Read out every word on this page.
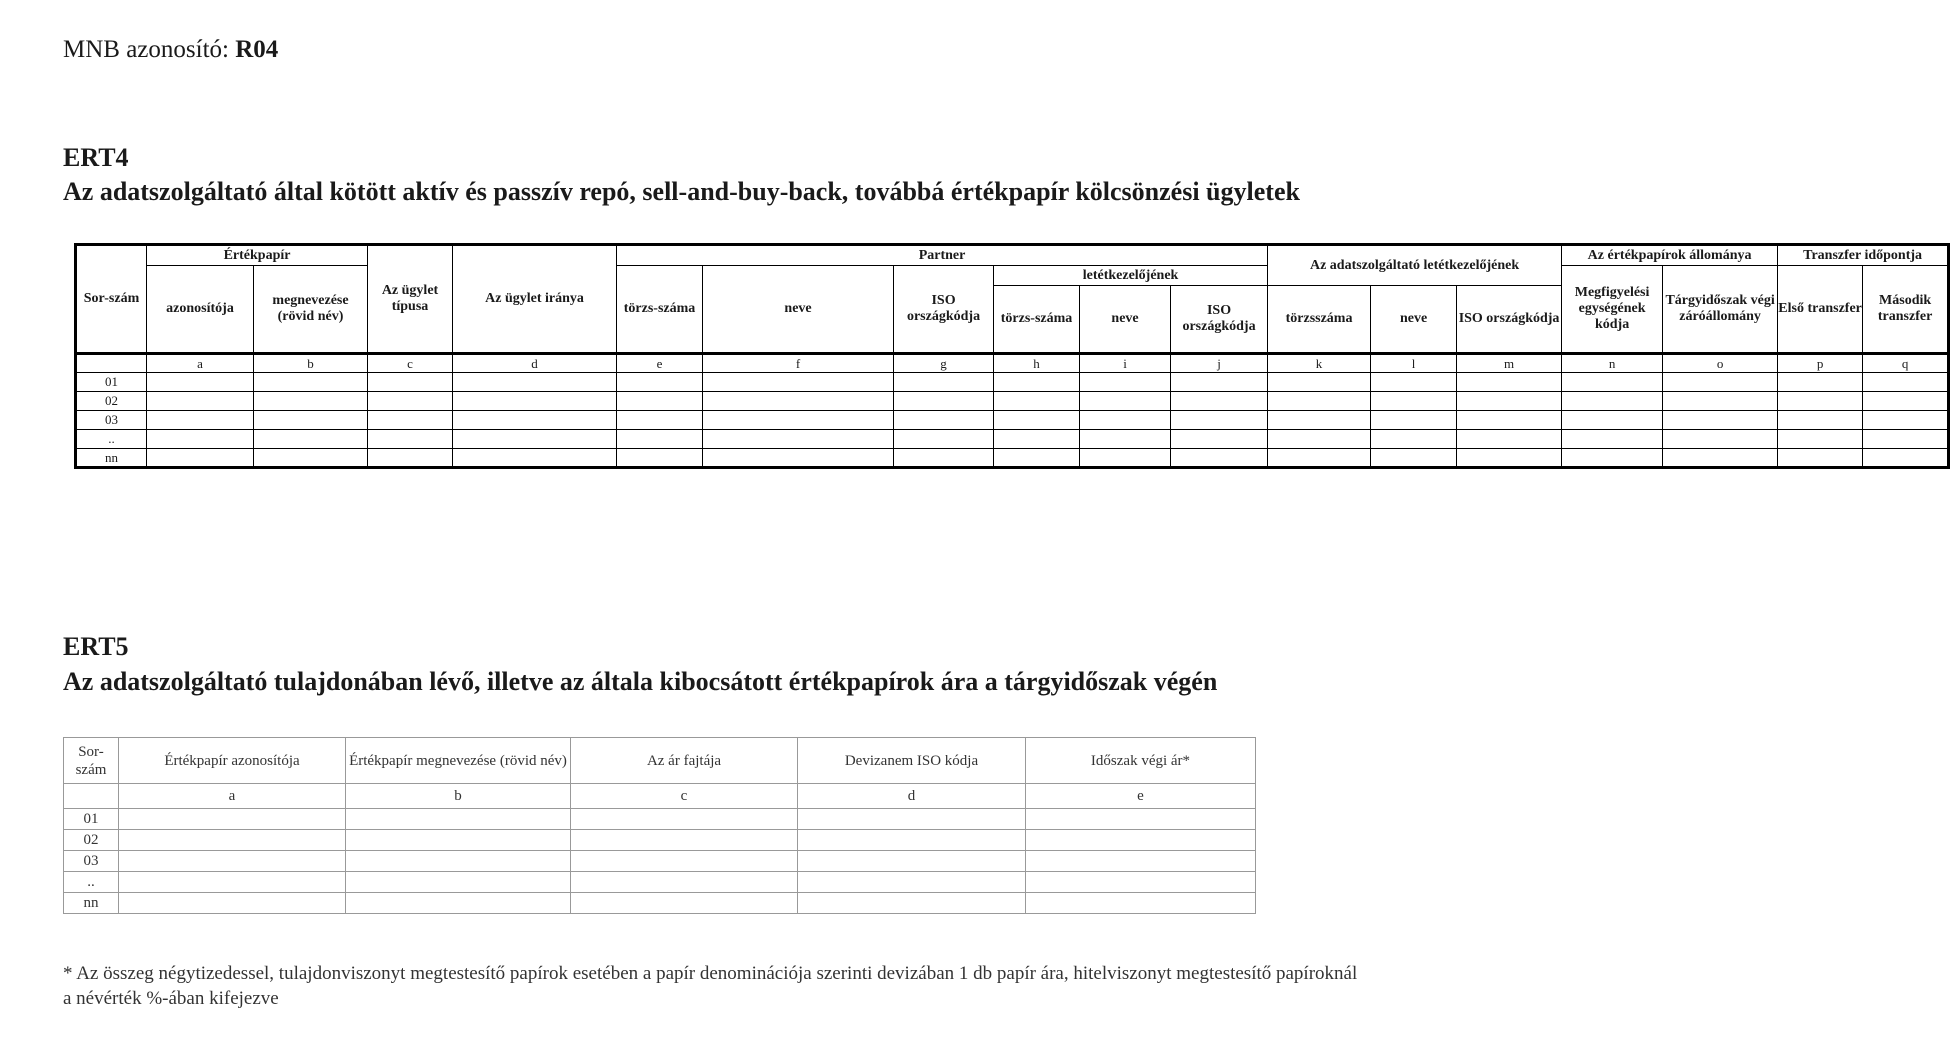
MNB azonosító: R04
ERT4
Az adatszolgáltató által kötött aktív és passzív repó, sell-and-buy-back, továbbá értékpapír kölcsönzési ügyletek
Sor-szám	Értékpapír		Az ügylet típusa	Az ügylet iránya	Partner						Az adatszolgáltató letétkezelőjének			Az értékpapírok állománya		Transzfer időpontja	
	azonosítója	megnevezése (rövid név)			törzs-száma	neve	ISO országkódja	letétkezelőjének						Megfigyelési egységének kódja	Tárgyidőszak végi záróállomány	Első transzfer	Második transzfer
								törzs-száma	neve	ISO országkódja	törzsszáma	neve	ISO országkódja				
	a	b	c	d	e	f	g	h	i	j	k	l	m	n	o	p	q
01																	
02																	
03																	
..																	
nn																	
ERT5
Az adatszolgáltató tulajdonában lévő, illetve az általa kibocsátott értékpapírok ára a tárgyidőszak végén
Sor-szám	Értékpapír azonosítója	Értékpapír megnevezése (rövid név)	Az ár fajtája	Devizanem ISO kódja	Időszak végi ár*
	a	b	c	d	e
01					
02					
03					
..					
nn					
* Az összeg négytizedessel, tulajdonviszonyt megtestesítő papírok esetében a papír denominációja szerinti devizában 1 db papír ára, hitelviszonyt megtestesítő papíroknál a névérték %-ában kifejezve
